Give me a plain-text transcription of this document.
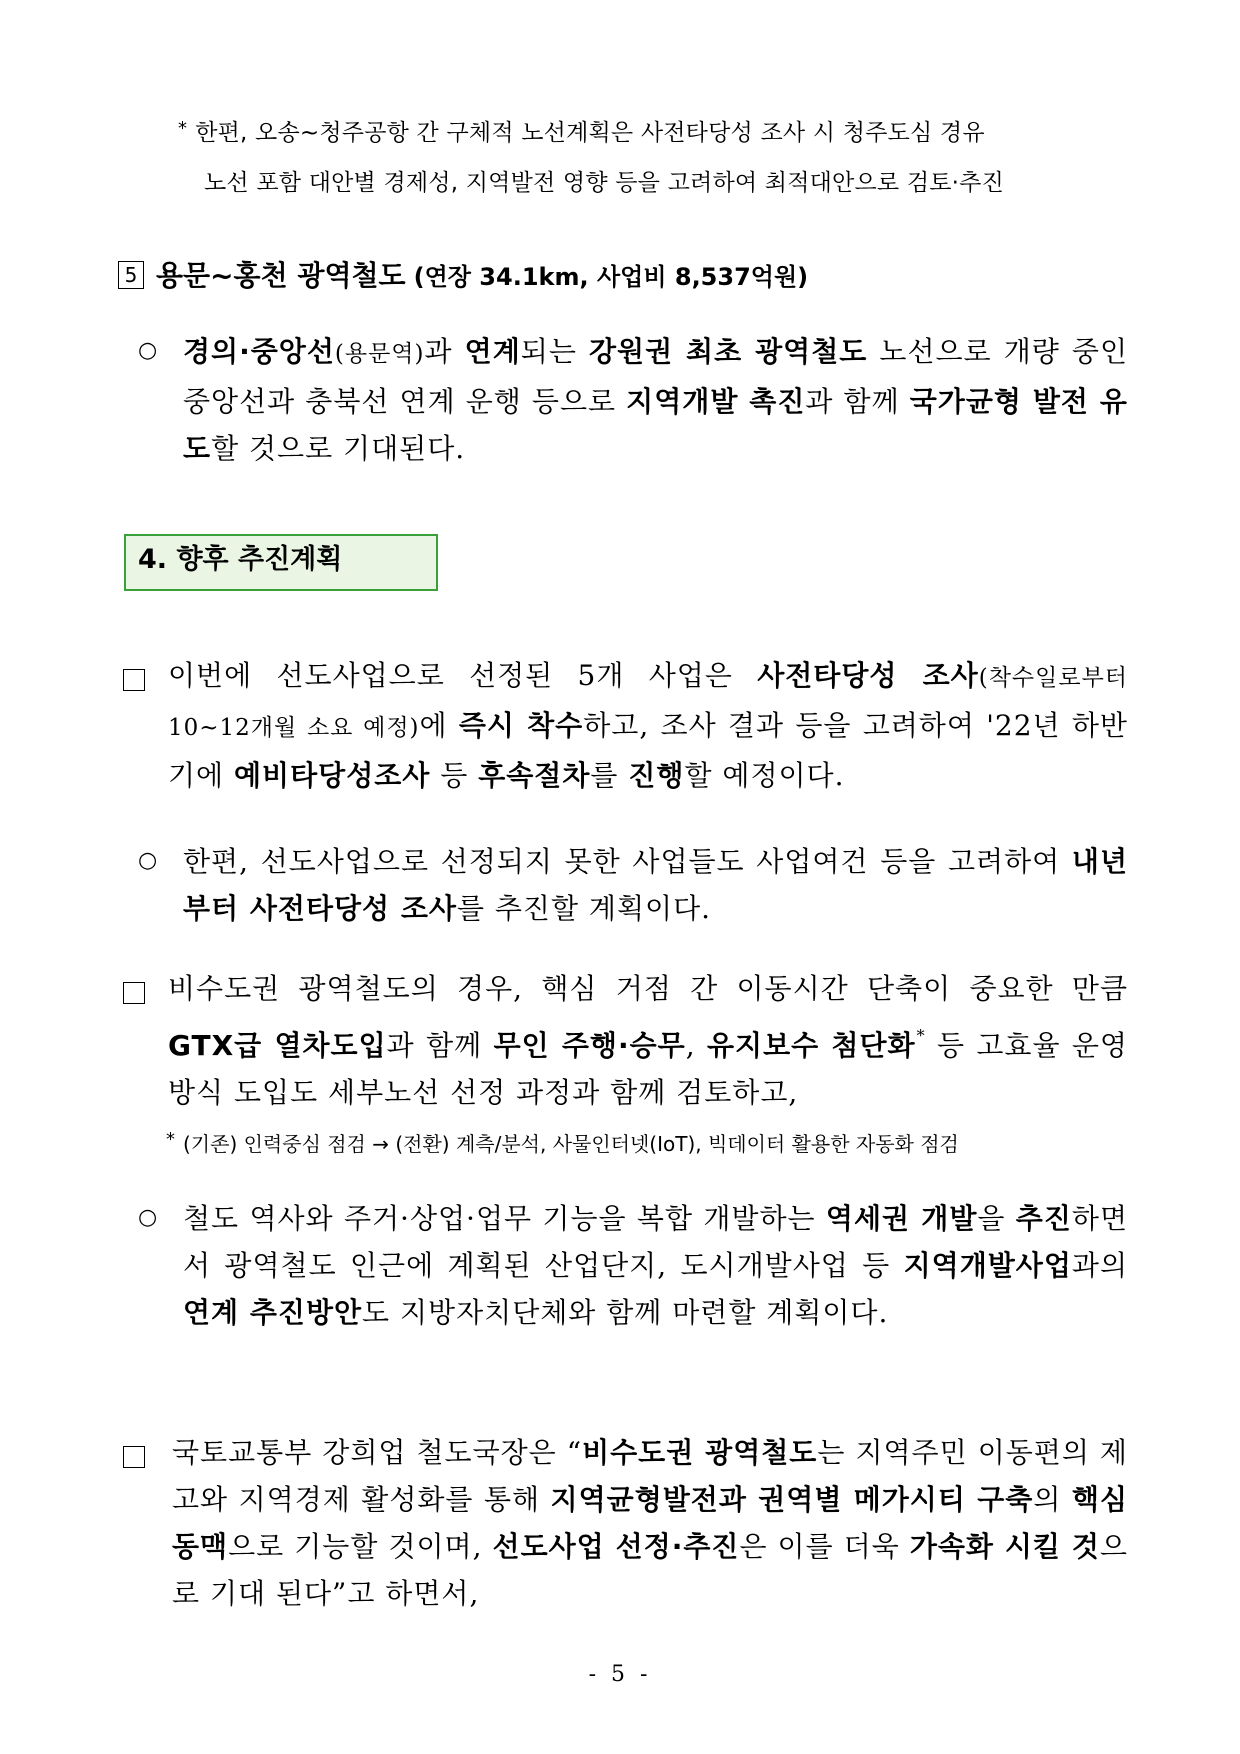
* 한편, 오송~청주공항 간 구체적 노선계획은 사전타당성 조사 시 청주도심 경유
노선 포함 대안별 경제성, 지역발전 영향 등을 고려하여 최적대안으로 검토·추진
5 용문~홍천 광역철도 (연장 34.1km, 사업비 8,537억원)
○ 경의·중앙선(용문역)과 연계되는 강원권 최초 광역철도 노선으로 개량 중인 중앙선과 충북선 연계 운행 등으로 지역개발 촉진과 함께 국가균형 발전 유도할 것으로 기대된다.
4. 향후 추진계획
이번에 선도사업으로 선정된 5개 사업은 사전타당성 조사(착수일로부터 10~12개월 소요 예정)에 즉시 착수하고, 조사 결과 등을 고려하여 '22년 하반기에 예비타당성조사 등 후속절차를 진행할 예정이다.
○ 한편, 선도사업으로 선정되지 못한 사업들도 사업여건 등을 고려하여 내년부터 사전타당성 조사를 추진할 계획이다.
비수도권 광역철도의 경우, 핵심 거점 간 이동시간 단축이 중요한 만큼 GTX급 열차도입과 함께 무인 주행·승무, 유지보수 첨단화* 등 고효율 운영방식 도입도 세부노선 선정 과정과 함께 검토하고,
* (기존) 인력중심 점검 → (전환) 계측/분석, 사물인터넷(IoT), 빅데이터 활용한 자동화 점검
○ 철도 역사와 주거·상업·업무 기능을 복합 개발하는 역세권 개발을 추진하면서 광역철도 인근에 계획된 산업단지, 도시개발사업 등 지역개발사업과의 연계 추진방안도 지방자치단체와 함께 마련할 계획이다.
국토교통부 강희업 철도국장은 “비수도권 광역철도는 지역주민 이동편의 제고와 지역경제 활성화를 통해 지역균형발전과 권역별 메가시티 구축의 핵심 동맥으로 기능할 것이며, 선도사업 선정·추진은 이를 더욱 가속화 시킬 것으로 기대 된다”고 하면서,
- 5 -
